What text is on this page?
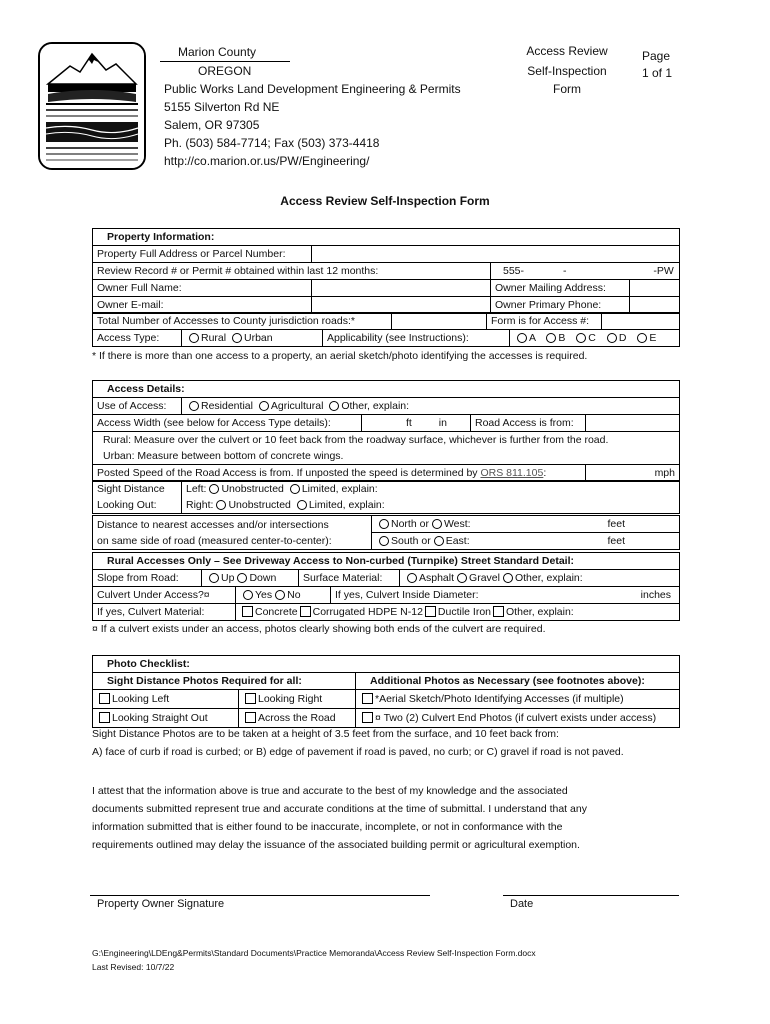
Marion County
OREGON
Public Works Land Development Engineering & Permits
5155 Silverton Rd NE
Salem, OR 97305
Ph. (503) 584-7714; Fax (503) 373-4418
http://co.marion.or.us/PW/Engineering/
Access Review
Self-Inspection
Form
Page
1 of 1
Access Review Self-Inspection Form
Property Information:			
Property Full Address or Parcel Number:			
Review Record # or Permit # obtained within last 12 months:		555- - -PW	
Owner Full Name:		Owner Mailing Address:	
Owner E-mail:		Owner Primary Phone:	
Total Number of Accesses to County jurisdiction roads:*		Form is for Access #:	
Access Type:	Rural Urban	Applicability (see Instructions):	A B C D E
* If there is more than one access to a property, an aerial sketch/photo identifying the accesses is required.
Access Details:
Use of Access:	Residential Agricultural Other, explain:
Access Width (see below for Access Type details):	ft in	Road Access is from:	
Rural: Measure over the culvert or 10 feet back from the roadway surface, whichever is further from the road.			
Urban: Measure between bottom of concrete wings.			
Posted Speed of the Road Access is from. If unposted the speed is determined by ORS 811.105:			mph
Sight Distance
Looking Out:
	Left: Unobstructed Limited, explain:
Right: Unobstructed Limited, explain:
Distance to nearest accesses and/or intersections
on same side of road (measured center-to-center):
	North or West:	feet

South or East:	feet
Rural Accesses Only – See Driveway Access to Non-curbed (Turnpike) Street Standard Detail:
Slope from Road:	Up Down	Surface Material:	Asphalt Gravel Other, explain:
Culvert Under Access?¤	Yes No	If yes, Culvert Inside Diameter:	inches
If yes, Culvert Material:	Concrete Corrugated HDPE N-12 Ductile Iron Other, explain:
¤ If a culvert exists under an access, photos clearly showing both ends of the culvert are required.
Photo Checklist:		
Sight Distance Photos Required for all:		Additional Photos as Necessary (see footnotes above):
Looking Left	Looking Right	*Aerial Sketch/Photo Identifying Accesses (if multiple)
Looking Straight Out	Across the Road	¤ Two (2) Culvert End Photos (if culvert exists under access)
Sight Distance Photos are to be taken at a height of 3.5 feet from the surface, and 10 feet back from:
A) face of curb if road is curbed; or B) edge of pavement if road is paved, no curb; or C) gravel if road is not paved.
I attest that the information above is true and accurate to the best of my knowledge and the associated
documents submitted represent true and accurate conditions at the time of submittal. I understand that any
information submitted that is either found to be inaccurate, incomplete, or not in conformance with the
requirements outlined may delay the issuance of the associated building permit or agricultural exemption.
Property Owner Signature	Date
G:\Engineering\LDEng&Permits\Standard Documents\Practice Memoranda\Access Review Self-Inspection Form.docx
Last Revised: 10/7/22
